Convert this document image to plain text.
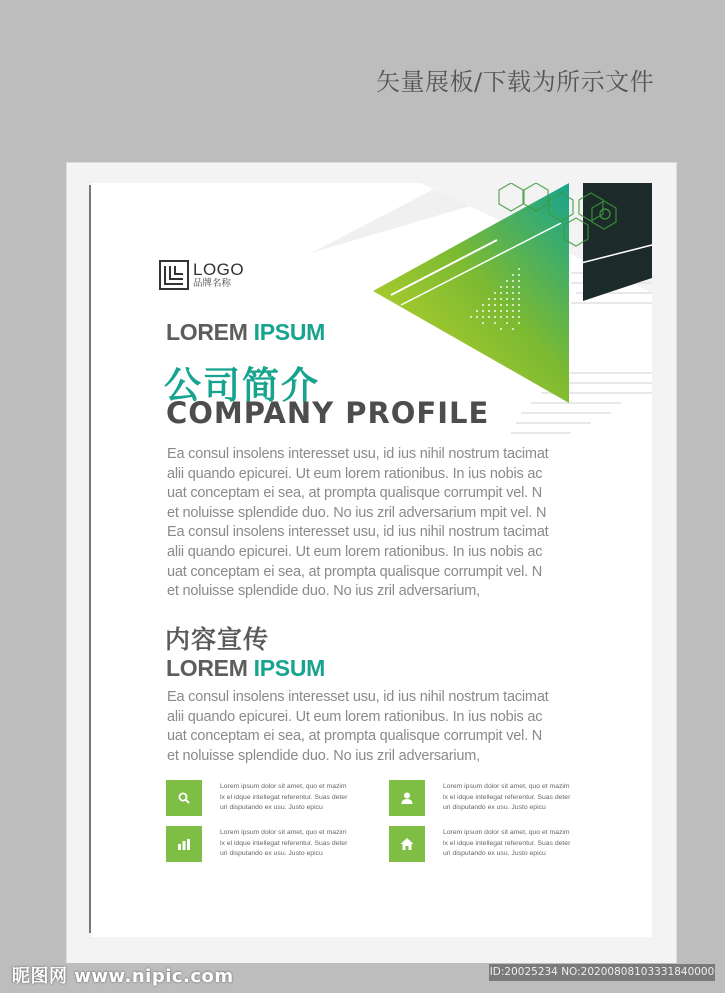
矢量展板/下载为所示文件
LOGO
品牌名称
LOREM IPSUM
公司简介
COMPANY PROFILE

Ea consul insolens interesset usu, id ius nihil nostrum tacimat

alii quando epicurei. Ut eum lorem rationibus. In ius nobis ac

uat conceptam ei sea, at prompta qualisque corrumpit vel. N

et noluisse splendide duo. No ius zril adversarium mpit vel. N

Ea consul insolens interesset usu, id ius nihil nostrum tacimat

alii quando epicurei. Ut eum lorem rationibus. In ius nobis ac

uat conceptam ei sea, at prompta qualisque corrumpit vel. N

et noluisse splendide duo. No ius zril adversarium,

内容宣传
LOREM IPSUM

Ea consul insolens interesset usu, id ius nihil nostrum tacimat

alii quando epicurei. Ut eum lorem rationibus. In ius nobis ac

uat conceptam ei sea, at prompta qualisque corrumpit vel. N

et noluisse splendide duo. No ius zril adversarium,

Lorem ipsum dolor sit amet, quo et mazim
lx el idque intellegat referentur. Suas deter
uri disputando ex usu. Justo epicu
Lorem ipsum dolor sit amet, quo et mazim
lx el idque intellegat referentur. Suas deter
uri disputando ex usu. Justo epicu
Lorem ipsum dolor sit amet, quo et mazim
lx el idque intellegat referentur. Suas deter
uri disputando ex usu. Justo epicu
Lorem ipsum dolor sit amet, quo et mazim
lx el idque intellegat referentur. Suas deter
uri disputando ex usu. Justo epicu
昵图网 www.nipic.com	ID:20025234 NO:20200808103331840000
